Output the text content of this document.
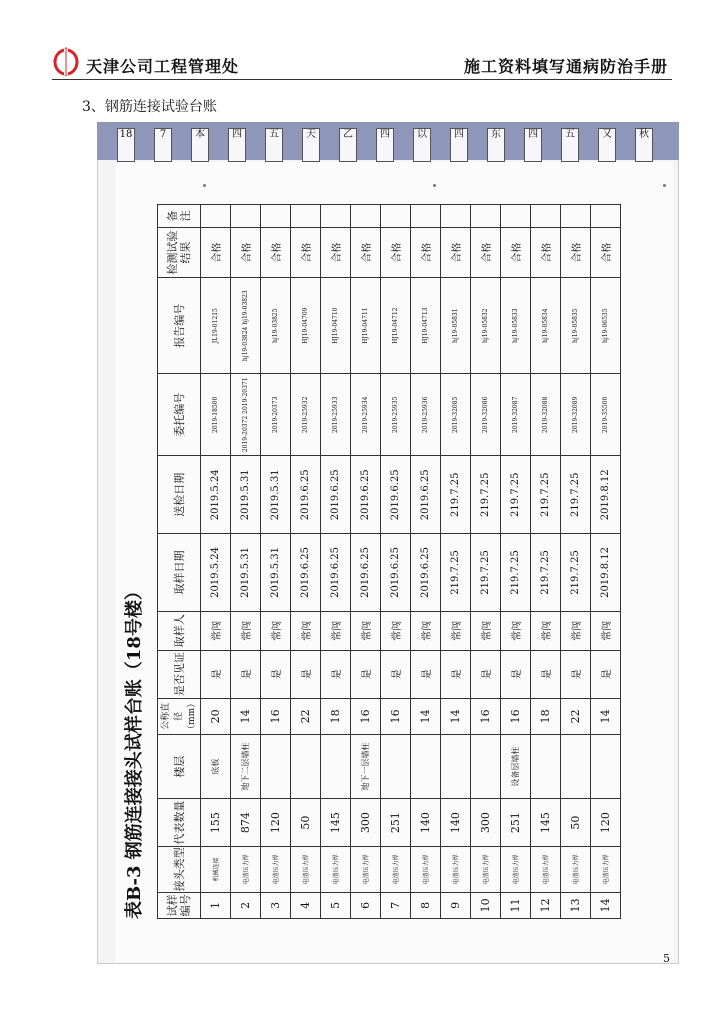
天津公司工程管理处	施工资料填写通病防治手册
3、钢筋连接试验台账
18	7	本	四	五	天	乙	四	以	四	东	四	五	又	秋
表B-3 钢筋连接接头试样台账（18号楼）	试样编号	接头类型	代表数量	楼层	公称直径（mm）	是否见证	取样人	取样日期	送检日期	委托编号	报告编号	检测试验结果	备注
1	机械连接	155	底板	20	是	常闯	2019.5.24	2019.5.24	2019-18500	JL19-01215	合格	
2	电渣压力焊	874	地下二层墙柱	14	是	常闯	2019.5.31	2019.5.31	2019-20372 2019-20371	hj19-03824 hj19-03823	合格	
3	电渣压力焊	120		16	是	常闯	2019.5.31	2019.5.31	2019-20373	hj19-03825	合格	
4	电渣压力焊	50		22	是	常闯	2019.6.25	2019.6.25	2019-25932	HJ19-04709	合格	
5	电渣压力焊	145		18	是	常闯	2019.6.25	2019.6.25	2019-25933	HJ19-04710	合格	
6	电渣压力焊	300	地下一层墙柱	16	是	常闯	2019.6.25	2019.6.25	2019-25934	HJ19-04711	合格	
7	电渣压力焊	251		16	是	常闯	2019.6.25	2019.6.25	2019-25935	HJ19-04712	合格	
8	电渣压力焊	140		14	是	常闯	2019.6.25	2019.6.25	2019-25936	HJ19-04713	合格	
9	电渣压力焊	140		14	是	常闯	219.7.25	219.7.25	2019-32085	hj19-05831	合格	
10	电渣压力焊	300		16	是	常闯	219.7.25	219.7.25	2019-32086	hj19-05832	合格	
11	电渣压力焊	251	设备层墙柱	16	是	常闯	219.7.25	219.7.25	2019-32087	hj19-05833	合格	
12	电渣压力焊	145		18	是	常闯	219.7.25	219.7.25	2019-32088	hj19-05834	合格	
13	电渣压力焊	50		22	是	常闯	219.7.25	219.7.25	2019-32089	hj19-05835	合格	
14	电渣压力焊	120		14	是	常闯	2019.8.12	2019.8.12	2019-35500	hj19-06535	合格	
5
